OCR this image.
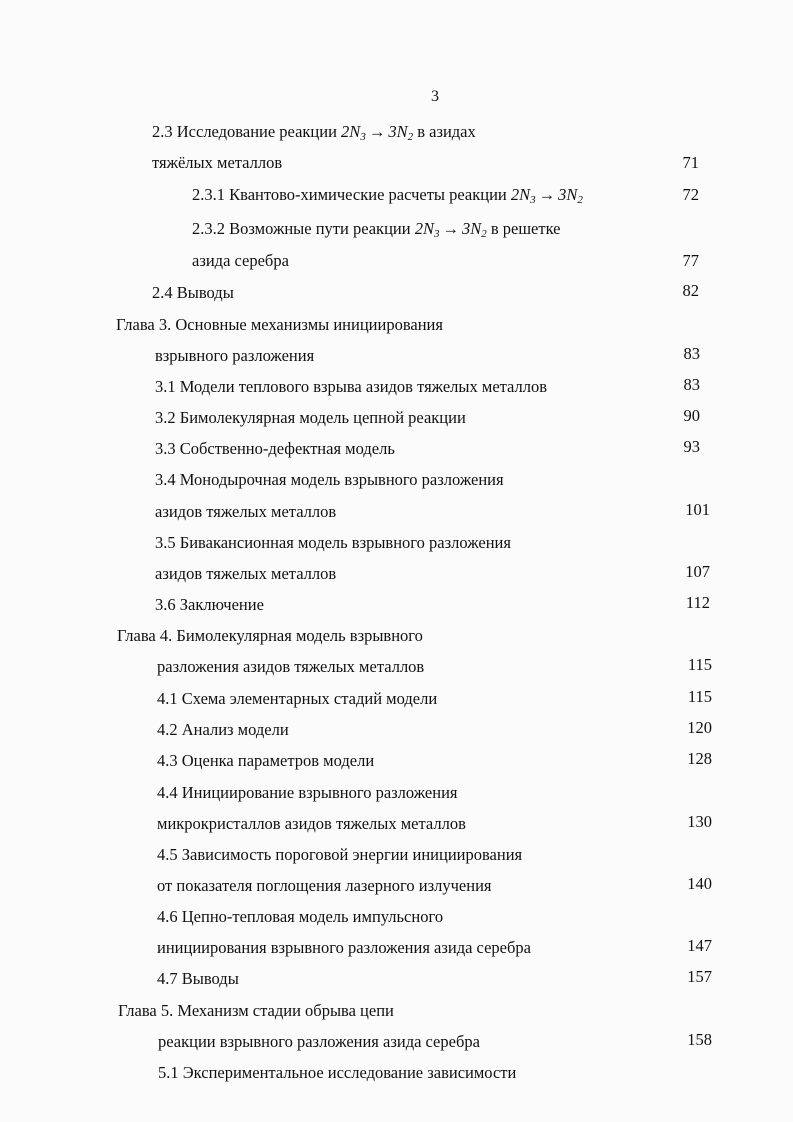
3
2.3 Исследование реакции $2N_3 \to 3N_2$ в азидах
тяжёлых металлов	71
2.3.1 Квантово-химические расчеты реакции $2N_3 \to 3N_2$	72
2.3.2 Возможные пути реакции $2N_3 \to 3N_2$ в решетке
азида серебра	77
2.4 Выводы	82
Глава 3. Основные механизмы инициирования
взрывного разложения	83
3.1 Модели теплового взрыва азидов тяжелых металлов	83
3.2 Бимолекулярная модель цепной реакции	90
3.3 Собственно-дефектная модель	93
3.4 Монодырочная модель взрывного разложения
азидов тяжелых металлов	101
3.5 Бивакансионная модель взрывного разложения
азидов тяжелых металлов	107
3.6 Заключение	112
Глава 4. Бимолекулярная модель взрывного
разложения азидов тяжелых металлов	115
4.1 Схема элементарных стадий модели	115
4.2 Анализ модели	120
4.3 Оценка параметров модели	128
4.4 Инициирование взрывного разложения
микрокристаллов азидов тяжелых металлов	130
4.5 Зависимость пороговой энергии инициирования
от показателя поглощения лазерного излучения	140
4.6 Цепно-тепловая модель импульсного
инициирования взрывного разложения азида серебра	147
4.7 Выводы	157
Глава 5. Механизм стадии обрыва цепи
реакции взрывного разложения азида серебра	158
5.1 Экспериментальное исследование зависимости
